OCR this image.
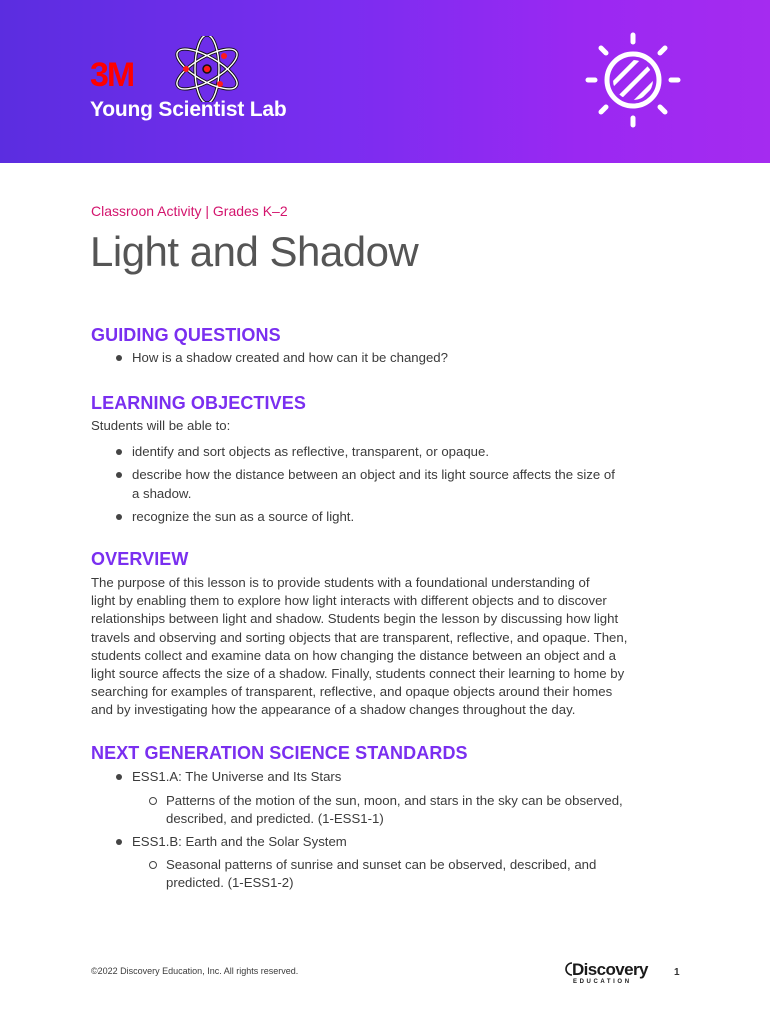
3M
Young Scientist Lab
Classroon Activity | Grades K–2
Light and Shadow
GUIDING QUESTIONS
How is a shadow created and how can it be changed?
LEARNING OBJECTIVES
Students will be able to:
identify and sort objects as reflective, transparent, or opaque.
describe how the distance between an object and its light source affects the size of
a shadow.
recognize the sun as a source of light.
OVERVIEW
The purpose of this lesson is to provide students with a foundational understanding of
light by enabling them to explore how light interacts with different objects and to discover
relationships between light and shadow. Students begin the lesson by discussing how light
travels and observing and sorting objects that are transparent, reflective, and opaque. Then,
students collect and examine data on how changing the distance between an object and a
light source affects the size of a shadow. Finally, students connect their learning to home by
searching for examples of transparent, reflective, and opaque objects around their homes
and by investigating how the appearance of a shadow changes throughout the day.
NEXT GENERATION SCIENCE STANDARDS
ESS1.A: The Universe and Its Stars
Patterns of the motion of the sun, moon, and stars in the sky can be observed,
described, and predicted. (1-ESS1-1)
ESS1.B: Earth and the Solar System
Seasonal patterns of sunrise and sunset can be observed, described, and
predicted. (1-ESS1-2)
©2022 Discovery Education, Inc. All rights reserved.	Discovery
EDUCATION
1
